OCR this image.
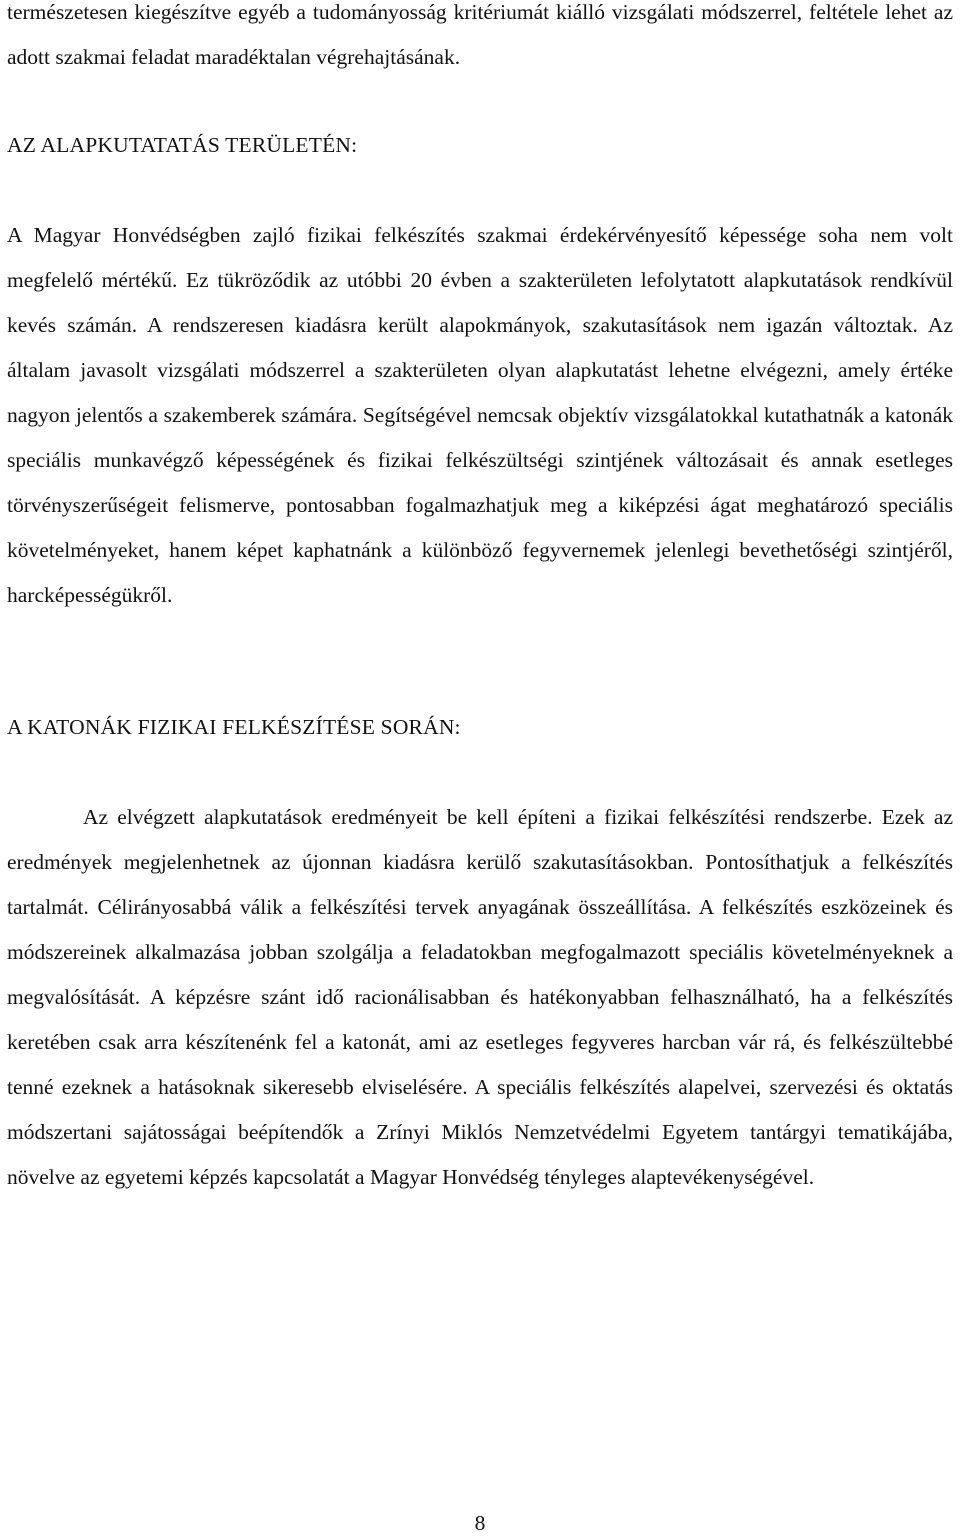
természetesen kiegészítve egyéb a tudományosság kritériumát kiálló vizsgálati módszerrel, feltétele lehet az adott szakmai feladat maradéktalan végrehajtásának.

AZ ALAPKUTATATÁS TERÜLETÉN:

A Magyar Honvédségben zajló fizikai felkészítés szakmai érdekérvényesítő képessége soha nem volt megfelelő mértékű. Ez tükröződik az utóbbi 20 évben a szakterületen lefolytatott alapkutatások rendkívül kevés számán. A rendszeresen kiadásra került alapokmányok, szakutasítások nem igazán változtak. Az általam javasolt vizsgálati módszerrel a szakterületen olyan alapkutatást lehetne elvégezni, amely értéke nagyon jelentős a szakemberek számára. Segítségével nemcsak objektív vizsgálatokkal kutathatnák a katonák speciális munkavégző képességének és fizikai felkészültségi szintjének változásait és annak esetleges törvényszerűségeit felismerve, pontosabban fogalmazhatjuk meg a kiképzési ágat meghatározó speciális követelményeket, hanem képet kaphatnánk a különböző fegyvernemek jelenlegi bevethetőségi szintjéről, harcképességükről.

A KATONÁK FIZIKAI FELKÉSZÍTÉSE SORÁN:

Az elvégzett alapkutatások eredményeit be kell építeni a fizikai felkészítési rendszerbe. Ezek az eredmények megjelenhetnek az újonnan kiadásra kerülő szakutasításokban. Pontosíthatjuk a felkészítés tartalmát. Célirányosabbá válik a felkészítési tervek anyagának összeállítása. A felkészítés eszközeinek és módszereinek alkalmazása jobban szolgálja a feladatokban megfogalmazott speciális követelményeknek a megvalósítását. A képzésre szánt idő racionálisabban és hatékonyabban felhasználható, ha a felkészítés keretében csak arra készítenénk fel a katonát, ami az esetleges fegyveres harcban vár rá, és felkészültebbé tenné ezeknek a hatásoknak sikeresebb elviselésére. A speciális felkészítés alapelvei, szervezési és oktatás módszertani sajátosságai beépítendők a Zrínyi Miklós Nemzetvédelmi Egyetem tantárgyi tematikájába, növelve az egyetemi képzés kapcsolatát a Magyar Honvédség tényleges alaptevékenységével.

8
